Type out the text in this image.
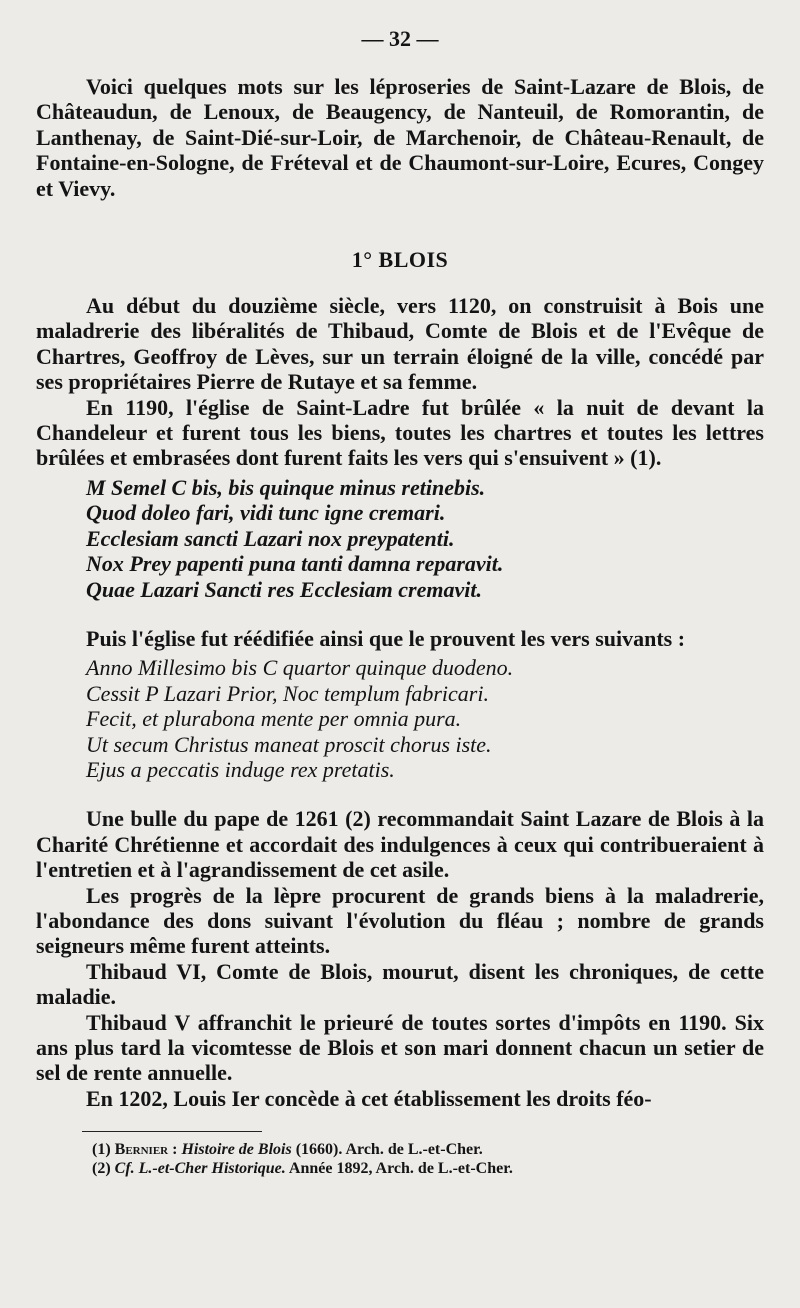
— 32 —

Voici quelques mots sur les léproseries de Saint-Lazare de Blois, de Châteaudun, de Lenoux, de Beaugency, de Nanteuil, de Romorantin, de Lanthenay, de Saint-Dié-sur-Loir, de Marchenoir, de Château-Renault, de Fontaine-en-Sologne, de Fréteval et de Chaumont-sur-Loire, Ecures, Congey et Vievy.

1° BLOIS

Au début du douzième siècle, vers 1120, on construisit à Bois une maladrerie des libéralités de Thibaud, Comte de Blois et de l'Evêque de Chartres, Geoffroy de Lèves, sur un terrain éloigné de la ville, concédé par ses propriétaires Pierre de Rutaye et sa femme.

En 1190, l'église de Saint-Ladre fut brûlée « la nuit de devant la Chandeleur et furent tous les biens, toutes les chartres et toutes les lettres brûlées et embrasées dont furent faits les vers qui s'ensuivent » (1).

M Semel C bis, bis quinque minus retinebis.
Quod doleo fari, vidi tunc igne cremari.
Ecclesiam sancti Lazari nox preypatenti.
Nox Prey papenti puna tanti damna reparavit.
Quae Lazari Sancti res Ecclesiam cremavit.

Puis l'église fut réédifiée ainsi que le prouvent les vers suivants :

Anno Millesimo bis C quartor quinque duodeno.
Cessit P Lazari Prior, Noc templum fabricari.
Fecit, et plurabona mente per omnia pura.
Ut secum Christus maneat proscit chorus iste.
Ejus a peccatis induge rex pretatis.

Une bulle du pape de 1261 (2) recommandait Saint Lazare de Blois à la Charité Chrétienne et accordait des indulgences à ceux qui contribueraient à l'entretien et à l'agrandissement de cet asile.

Les progrès de la lèpre procurent de grands biens à la maladrerie, l'abondance des dons suivant l'évolution du fléau ; nombre de grands seigneurs même furent atteints.

Thibaud VI, Comte de Blois, mourut, disent les chroniques, de cette maladie.

Thibaud V affranchit le prieuré de toutes sortes d'impôts en 1190. Six ans plus tard la vicomtesse de Blois et son mari donnent chacun un setier de sel de rente annuelle.

En 1202, Louis Ier concède à cet établissement les droits féo-

(1) Bernier : Histoire de Blois (1660). Arch. de L.-et-Cher.
(2) Cf. L.-et-Cher Historique. Année 1892, Arch. de L.-et-Cher.
